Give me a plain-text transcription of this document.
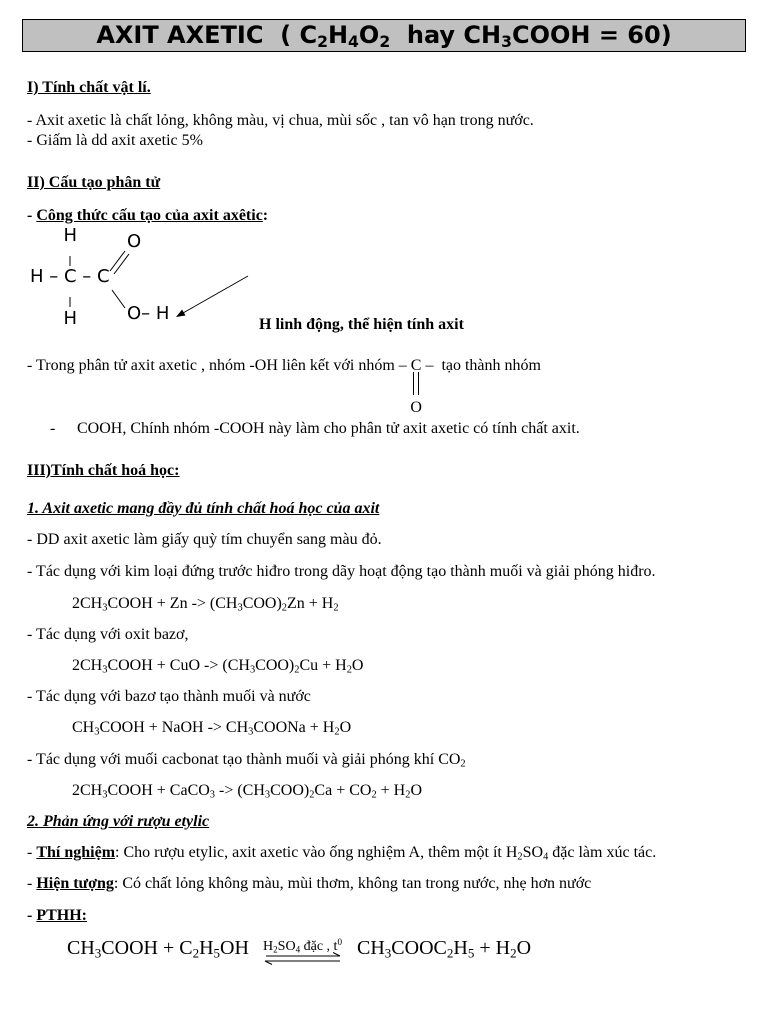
AXIT AXETIC  ( $C_2H_4O_2$  hay $CH_3COOH = 60$)
I) Tính chất vật lí.
- Axit axetic là chất lỏng, không màu, vị chua, mùi sốc , tan vô hạn trong nước.
- Giấm là dd axit axetic 5%
II) Cấu tạo phân tử
- Công thức cấu tạo của axit axêtic:
H
H – C – C
H
O
O– H
H linh động, thể hiện tính axit
- Trong phân tử axit axetic , nhóm -OH liên kết với nhóm – C
O
–  tạo thành nhóm
- COOH, Chính nhóm -COOH này làm cho phân tử axit axetic có tính chất axit.
III)Tính chất hoá học:
1. Axit axetic mang đầy đủ tính chất hoá học của axit
- DD axit axetic làm giấy quỳ tím chuyển sang màu đỏ.
- Tác dụng với kim loại đứng trước hiđro trong dãy hoạt động tạo thành muối và giải phóng hiđro.
$2CH_3COOH + Zn -> (CH_3COO)_2Zn + H_2$
- Tác dụng với oxit bazơ,
$2CH_3COOH$ + CuO -> $(CH_3COO)_2Cu + H_2O$
- Tác dụng với bazơ tạo thành muối và nước
$CH_3COOH$ + NaOH -> $CH_3COONa + H_2O$
- Tác dụng với muối cacbonat tạo thành muối và giải phóng khí $CO_2$
$2CH_3COOH$ + CaCO$_3$ -> $(CH_3COO)_2Ca + CO_2 + H_2O$
2. Phản ứng với rượu etylic
- Thí nghiệm: Cho rượu etylic, axit axetic vào ống nghiệm A, thêm một ít $H_2SO_4$ đặc làm xúc tác.
- Hiện tượng: Có chất lỏng không màu, mùi thơm, không tan trong nước, nhẹ hơn nước
- PTHH:
$CH_3COOH + C_2H_5OH$ $H_2SO_4$ đặc , $t^0$ $CH_3COOC_2H_5 + H_2O$
